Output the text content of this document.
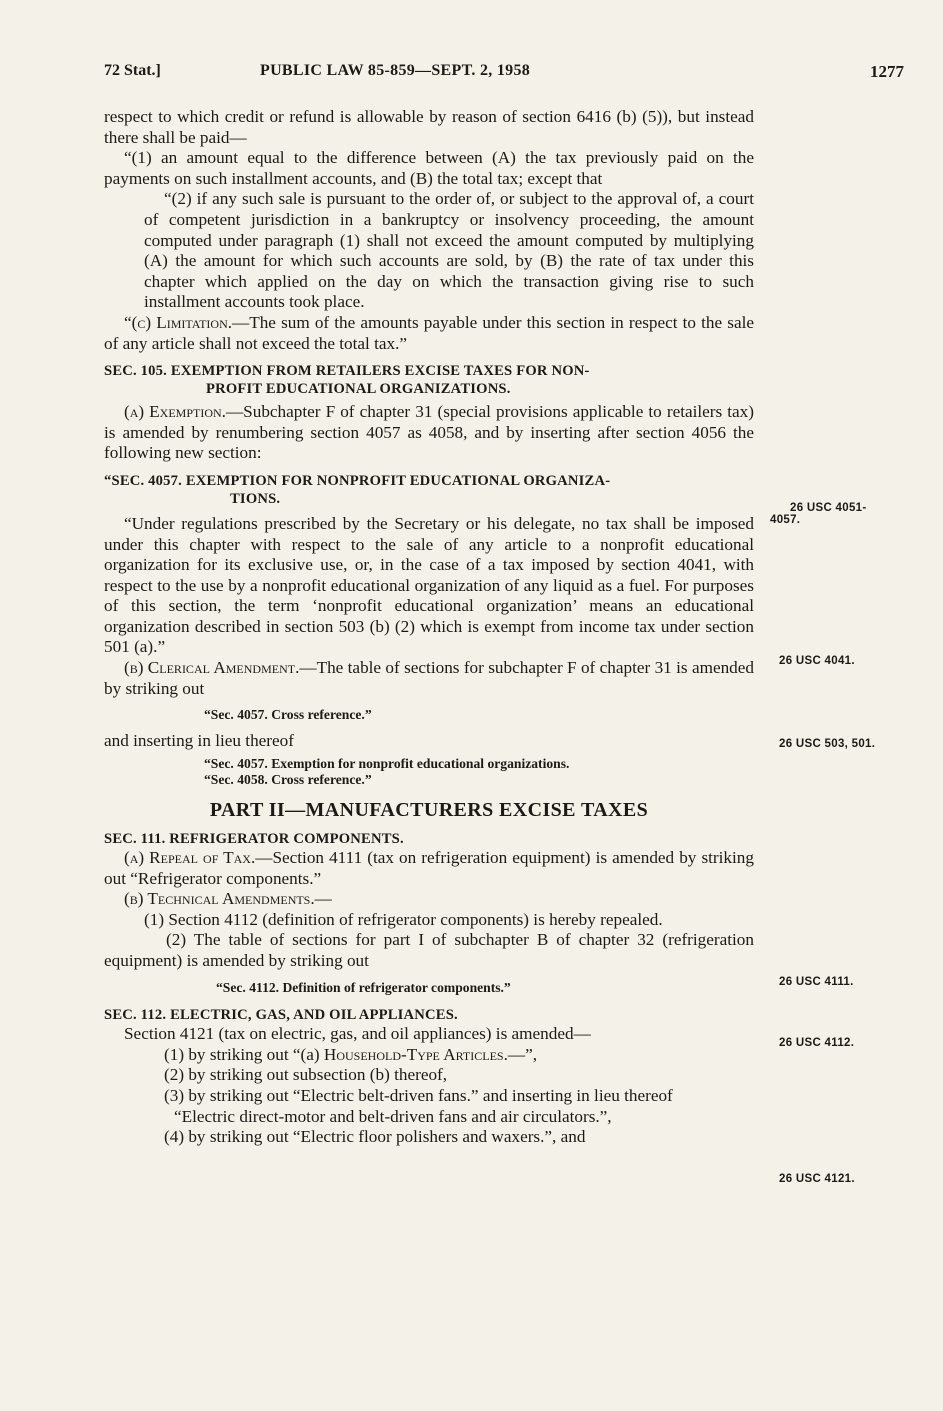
72 Stat.]	PUBLIC LAW 85-859—SEPT. 2, 1958	1277

respect to which credit or refund is allowable by reason of section 6416 (b) (5)), but instead there shall be paid—

“(1) an amount equal to the difference between (A) the tax previously paid on the payments on such installment accounts, and (B) the total tax; except that

“(2) if any such sale is pursuant to the order of, or subject to the approval of, a court of competent jurisdiction in a bankruptcy or insolvency proceeding, the amount computed under paragraph (1) shall not exceed the amount computed by multiplying (A) the amount for which such accounts are sold, by (B) the rate of tax under this chapter which applied on the day on which the transaction giving rise to such installment accounts took place.

“(c) Limitation.—The sum of the amounts payable under this section in respect to the sale of any article shall not exceed the total tax.”

SEC. 105. EXEMPTION FROM RETAILERS EXCISE TAXES FOR NON-
PROFIT EDUCATIONAL ORGANIZATIONS.

(a) Exemption.—Subchapter F of chapter 31 (special provisions applicable to retailers tax) is amended by renumbering section 4057 as 4058, and by inserting after section 4056 the following new section:

“SEC. 4057. EXEMPTION FOR NONPROFIT EDUCATIONAL ORGANIZA-
TIONS.

“Under regulations prescribed by the Secretary or his delegate, no tax shall be imposed under this chapter with respect to the sale of any article to a nonprofit educational organization for its exclusive use, or, in the case of a tax imposed by section 4041, with respect to the use by a nonprofit educational organization of any liquid as a fuel. For purposes of this section, the term ‘nonprofit educational organization’ means an educational organization described in section 503 (b) (2) which is exempt from income tax under section 501 (a).”

(b) Clerical Amendment.—The table of sections for subchapter F of chapter 31 is amended by striking out

“Sec. 4057. Cross reference.”

and inserting in lieu thereof

“Sec. 4057. Exemption for nonprofit educational organizations.

“Sec. 4058. Cross reference.”

PART II—MANUFACTURERS EXCISE TAXES

SEC. 111. REFRIGERATOR COMPONENTS.

(a) Repeal of Tax.—Section 4111 (tax on refrigeration equipment) is amended by striking out “Refrigerator components.”

(b) Technical Amendments.—

(1) Section 4112 (definition of refrigerator components) is hereby repealed.

(2) The table of sections for part I of subchapter B of chapter 32 (refrigeration equipment) is amended by striking out

“Sec. 4112. Definition of refrigerator components.”

SEC. 112. ELECTRIC, GAS, AND OIL APPLIANCES.

Section 4121 (tax on electric, gas, and oil appliances) is amended—

(1) by striking out “(a) Household-Type Articles.—”,

(2) by striking out subsection (b) thereof,

(3) by striking out “Electric belt-driven fans.” and inserting in lieu thereof

“Electric direct-motor and belt-driven fans and air circulators.”,

(4) by striking out “Electric floor polishers and waxers.”, and

26 USC 4051-
4057.
26 USC 4041.
26 USC 503, 501.
26 USC 4111.
26 USC 4112.
26 USC 4121.
